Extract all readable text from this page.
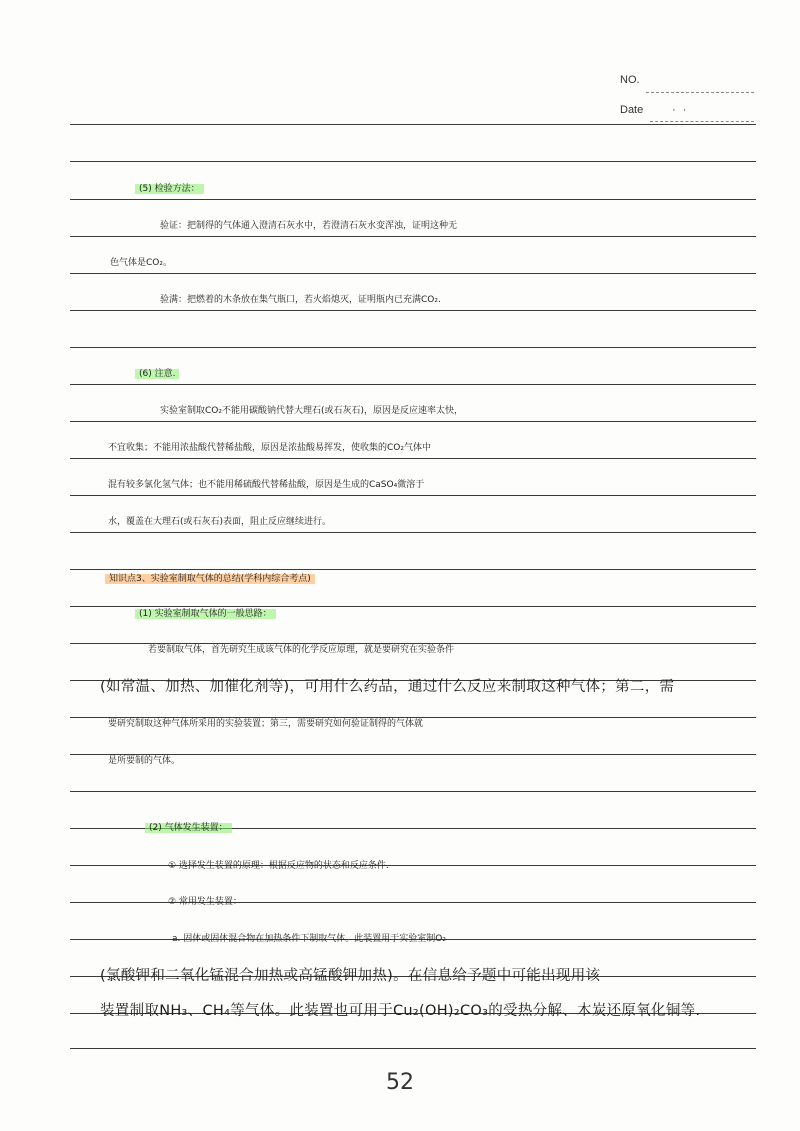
NO.
Date	· ·
(5) 检验方法：
验证：把制得的气体通入澄清石灰水中，若澄清石灰水变浑浊，证明这种无
色气体是CO₂。
验满：把燃着的木条放在集气瓶口，若火焰熄灭，证明瓶内已充满CO₂.
(6) 注意.
实验室制取CO₂不能用碳酸钠代替大理石(或石灰石)，原因是反应速率太快，
不宜收集；不能用浓盐酸代替稀盐酸，原因是浓盐酸易挥发，使收集的CO₂气体中
混有较多氯化氢气体；也不能用稀硫酸代替稀盐酸，原因是生成的CaSO₄微溶于
水，覆盖在大理石(或石灰石)表面，阻止反应继续进行。
知识点3、实验室制取气体的总结(学科内综合考点)
(1) 实验室制取气体的一般思路：
若要制取气体，首先研究生成该气体的化学反应原理，就是要研究在实验条件
(如常温、加热、加催化剂等)，可用什么药品，通过什么反应来制取这种气体；第二，需
要研究制取这种气体所采用的实验装置；第三，需要研究如何验证制得的气体就
是所要制的气体。
(2) 气体发生装置：
① 选择发生装置的原理：根据反应物的状态和反应条件.
② 常用发生装置：
a. 固体或固体混合物在加热条件下制取气体。此装置用于实验室制O₂
(氯酸钾和二氧化锰混合加热或高锰酸钾加热)。在信息给予题中可能出现用该
装置制取NH₃、CH₄等气体。此装置也可用于Cu₂(OH)₂CO₃的受热分解、木炭还原氧化铜等.
52
